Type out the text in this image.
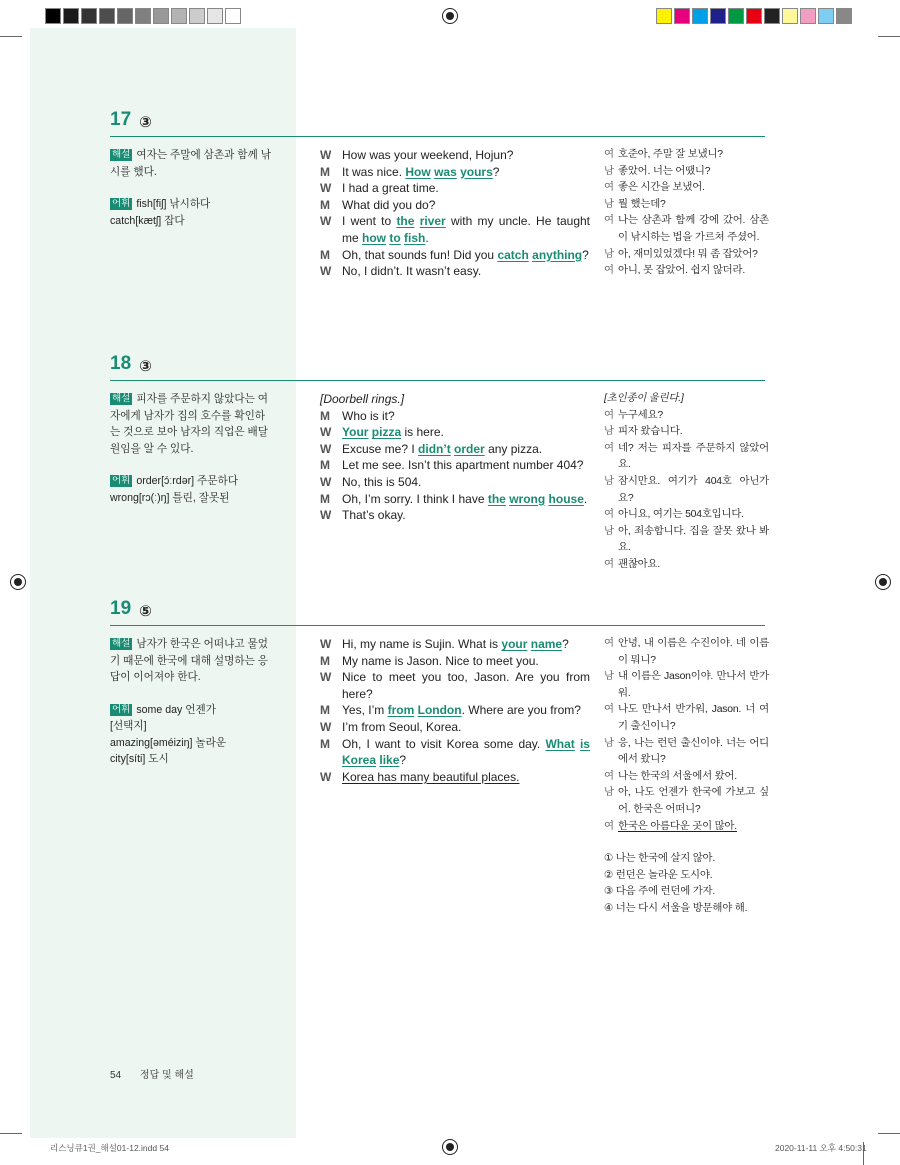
17 ③
해설 여자는 주말에 삼촌과 함께 낚시를 했다.
어휘 fish[fiʃ] 낚시하다
catch[kætʃ] 잡다
W How was your weekend, Hojun?
M	It was nice. How was yours?
W I had a great time.
M	What did you do?
W I went to the river with my uncle. He taught me how to fish.
M	Oh, that sounds fun! Did you catch anything?
W No, I didn’t. It wasn’t easy.
여 호준아, 주말 잘 보냈니?
남 좋았어. 너는 어땠니?
여 좋은 시간을 보냈어.
남 뭘 했는데?
여 나는 삼촌과 함께 강에 갔어. 삼촌이 낚시하는 법을 가르쳐 주셨어.
남 아, 재미있었겠다! 뭐 좀 잡았어?
여 아니, 못 잡았어. 쉽지 않더라.
18 ③
해설 피자를 주문하지 않았다는 여자에게 남자가 집의 호수를 확인하는 것으로 보아 남자의 직업은 배달원임을 알 수 있다.
어휘 order[ɔ́ːrdər] 주문하다
wrong[rɔ(ː)ŋ] 틀린, 잘못된
[Doorbell rings.]
M	Who is it?
W Your pizza is here.
W Excuse me? I didn’t order any pizza.
M	Let me see. Isn’t this apartment number 404?
W No, this is 504.
M	Oh, I’m sorry. I think I have the wrong house.
W That’s okay.
[초인종이 울린다.]
여 누구세요?
남 피자 왔습니다.
여 네? 저는 피자를 주문하지 않았어요.
남 잠시만요. 여기가 404호 아닌가요?
여 아니요, 여기는 504호입니다.
남 아, 죄송합니다. 집을 잘못 왔나 봐요.
여 괜찮아요.
19 ⑤
해설 남자가 한국은 어떠냐고 물었기 때문에 한국에 대해 설명하는 응답이 이어져야 한다.
어휘 some day 언젠가
[선택지]
amazing[əméiziŋ] 놀라운
city[síti] 도시
W Hi, my name is Sujin. What is your name?
M	My name is Jason. Nice to meet you.
W Nice to meet you too, Jason. Are you from here?
M	Yes, I’m from London. Where are you from?
W I’m from Seoul, Korea.
M	Oh, I want to visit Korea some day. What is Korea like?
W Korea has many beautiful places.
여 안녕, 내 이름은 수진이야. 네 이름이 뭐니?
남 내 이름은 Jason이야. 만나서 반가워.
여 나도 만나서 반가워, Jason. 너 여기 출신이니?
남 응, 나는 런던 출신이야. 너는 어디에서 왔니?
여 나는 한국의 서울에서 왔어.
남 아, 나도 언젠가 한국에 가보고 싶어. 한국은 어떠니?
여 한국은 아름다운 곳이 많아.
① 나는 한국에 살지 않아.
② 런던은 놀라운 도시야.
③ 다음 주에 런던에 가자.
④ 너는 다시 서울을 방문해야 해.
54 정답 및 해설
리스닝큐1권_해설01-12.indd 54	2020-11-11 오후 4:50:31
